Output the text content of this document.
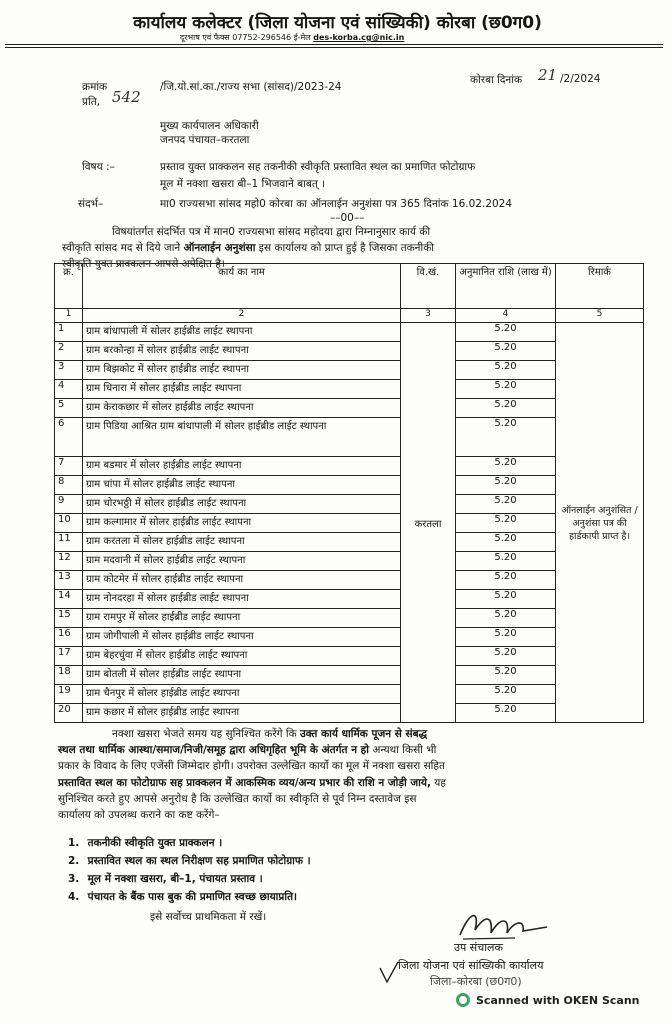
कार्यालय कलेक्टर (जिला योजना एवं सांख्यिकी) कोरबा (छ0ग0)
दूरभाष एवं फैक्स 07752-296546 ई-मेल des-korba.cg@nic.in
क्रमांक
542
/जि.यो.सां.का./राज्य सभा (सांसद)/2023-24
कोरबा दिनांक 21 /2/2024
प्रति,
मुख्य कार्यपालन अधिकारी
जनपद पंचायत–करतला
विषय :–	प्रस्ताव युक्त प्राक्कलन सह तकनीकी स्वीकृति प्रस्तावित स्थल का प्रमाणित फोटोग्राफ
मूल में नक्शा खसरा बी–1 भिजवाने बाबत् ।
संदर्भ–	मा0 राज्यसभा सांसद महो0 कोरबा का ऑनलाईन अनुशंसा पत्र 365 दिनांक 16.02.2024
––00––
विषयांतर्गत संदर्भित पत्र में मान0 राज्यसभा सांसद महोदया द्वारा निम्नानुसार कार्य की
स्वीकृति सांसद मद से दिये जाने ऑनलाईन अनुशंसा इस कार्यालय को प्राप्त हुई है जिसका तकनीकी
स्वीकृति युक्त प्राक्कलन आपसे अपेक्षित है।
क्र.	कार्य का नाम	वि.खं.	अनुमानित राशि (लाख में)	रिमार्क
1	2	3	4	5
1	ग्राम बांधापाली में सोलर हाईब्रीड लाईट स्थापना	करतला	5.20	ऑनलाईन अनुशंसित /अनुशंसा पत्र की हार्डकापी प्राप्त है।
2	ग्राम बरकोन्हा में सोलर हाईब्रीड लाईट स्थापना		5.20	
3	ग्राम बिझकोट में सोलर हाईब्रीड लाईट स्थापना		5.20	
4	ग्राम धिनारा में सोलर हाईब्रीड लाईट स्थापना		5.20	
5	ग्राम केराकछार में सोलर हाईब्रीड लाईट स्थापना		5.20	
6	ग्राम पिडिया आश्रित ग्राम बांधापाली में सोलर हाईब्रीड लाईट स्थापना		5.20	
7	ग्राम बडमार में सोलर हाईब्रीड लाईट स्थापना		5.20	
8	ग्राम चांपा में सोलर हाईब्रीड लाईट स्थापना		5.20	
9	ग्राम चोरभठ्ठी में सोलर हाईब्रीड लाईट स्थापना		5.20	
10	ग्राम कल्गामार में सोलर हाईब्रीड लाईट स्थापना		5.20	
11	ग्राम करतला में सोलर हाईब्रीड लाईट स्थापना		5.20	
12	ग्राम मदवानी में सोलर हाईब्रीड लाईट स्थापना		5.20	
13	ग्राम कोटमेर में सोलर हाईब्रीड लाईट स्थापना		5.20	
14	ग्राम नोनदरहा में सोलर हाईब्रीड लाईट स्थापना		5.20	
15	ग्राम रामपुर में सोलर हाईब्रीड लाईट स्थापना		5.20	
16	ग्राम जोगीपाली में सोलर हाईब्रीड लाईट स्थापना		5.20	
17	ग्राम बेहरचुंवा में सोलर हाईब्रीड लाईट स्थापना		5.20	
18	ग्राम बोतली में सोलर हाईब्रीड लाईट स्थापना		5.20	
19	ग्राम चैनपुर में सोलर हाईब्रीड लाईट स्थापना		5.20	
20	ग्राम कछार में सोलर हाईब्रीड लाईट स्थापना		5.20	
नक्शा खसरा भेजते समय यह सुनिश्चित करेंगे कि उक्त कार्य धार्मिक पूजन से संबद्ध
स्थल तथा धार्मिक आस्था/समाज/निजी/समूह द्वारा अधिगृहित भूमि के अंतर्गत न हो अन्यथा किसी भी
प्रकार के विवाद के लिए एजेंसी जिम्मेदार होगी। उपरोक्त उल्लेखित कार्यो का मूल में नक्शा खसरा सहित
प्रस्तावित स्थल का फोटोग्राफ सह प्राक्कलन में आकस्मिक व्यय/अन्य प्रभार की राशि न जोड़ी जाये, यह
सुनिश्चित करते हुए आपसे अनुरोध है कि उल्लेखित कार्यो का स्वीकृति से पूर्व निम्न दस्तावेज इस
कार्यालय को उपलब्ध कराने का कष्ट करेंगे–
1. तकनीकी स्वीकृति युक्त प्राक्कलन ।
2. प्रस्तावित स्थल का स्थल निरीक्षण सह प्रमाणित फोटोग्राफ ।
3. मूल में नक्शा खसरा, बी–1, पंचायत प्रस्ताव ।
4. पंचायत के बैंक पास बुक की प्रमाणित स्वच्छ छायाप्रति।
इसे सर्वोच्च प्राथमिकता में रखें।
उप संचालक
जिला योजना एवं सांख्यिकी कार्यालय
जिला–कोरबा (छ0ग0)
Scanned with OKEN Scann
